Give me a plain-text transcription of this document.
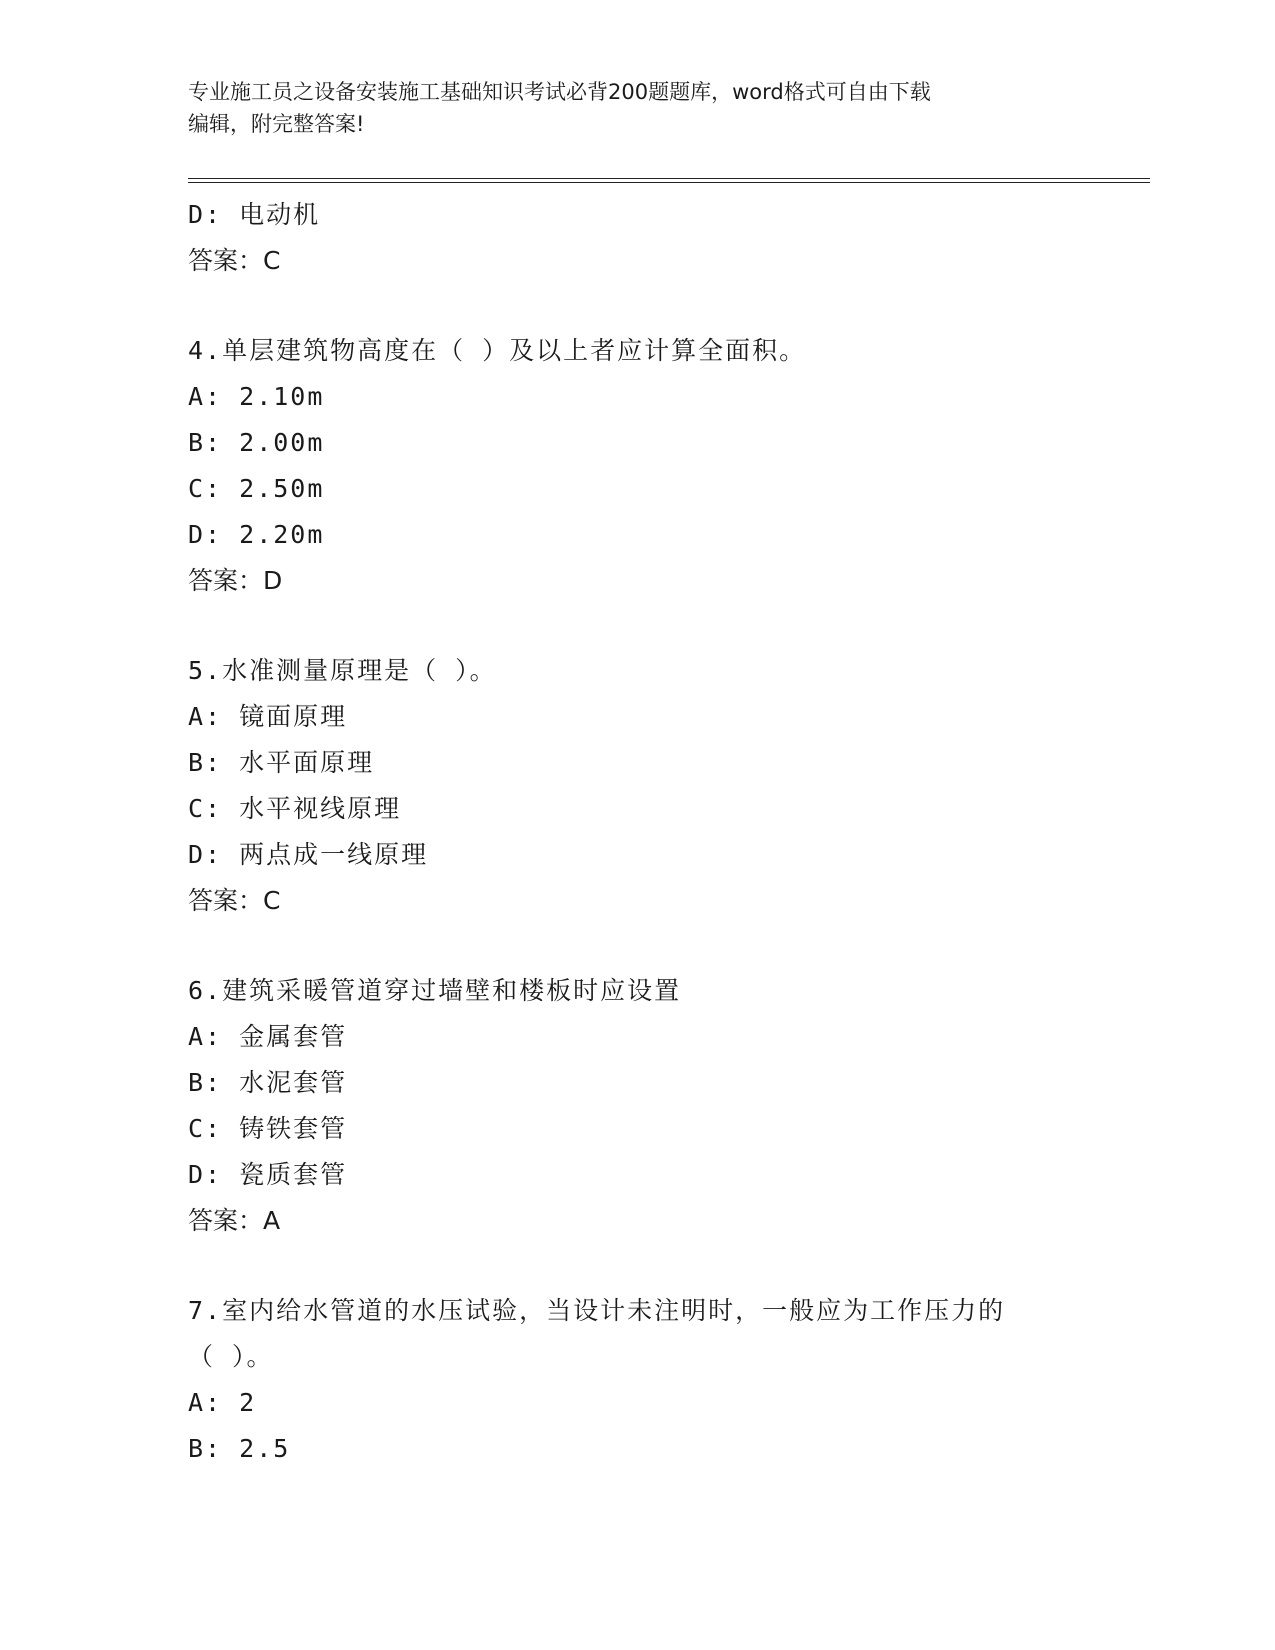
专业施工员之设备安装施工基础知识考试必背200题题库，word格式可自由下载
编辑，附完整答案!
D: 电动机
答案：C
4.单层建筑物高度在（ ）及以上者应计算全面积。
A: 2.10m
B: 2.00m
C: 2.50m
D: 2.20m
答案：D
5.水准测量原理是（ ）。
A: 镜面原理
B: 水平面原理
C: 水平视线原理
D: 两点成一线原理
答案：C
6.建筑采暖管道穿过墙壁和楼板时应设置
A: 金属套管
B: 水泥套管
C: 铸铁套管
D: 瓷质套管
答案：A
7.室内给水管道的水压试验，当设计未注明时，一般应为工作压力的
（ ）。
A: 2
B: 2.5
